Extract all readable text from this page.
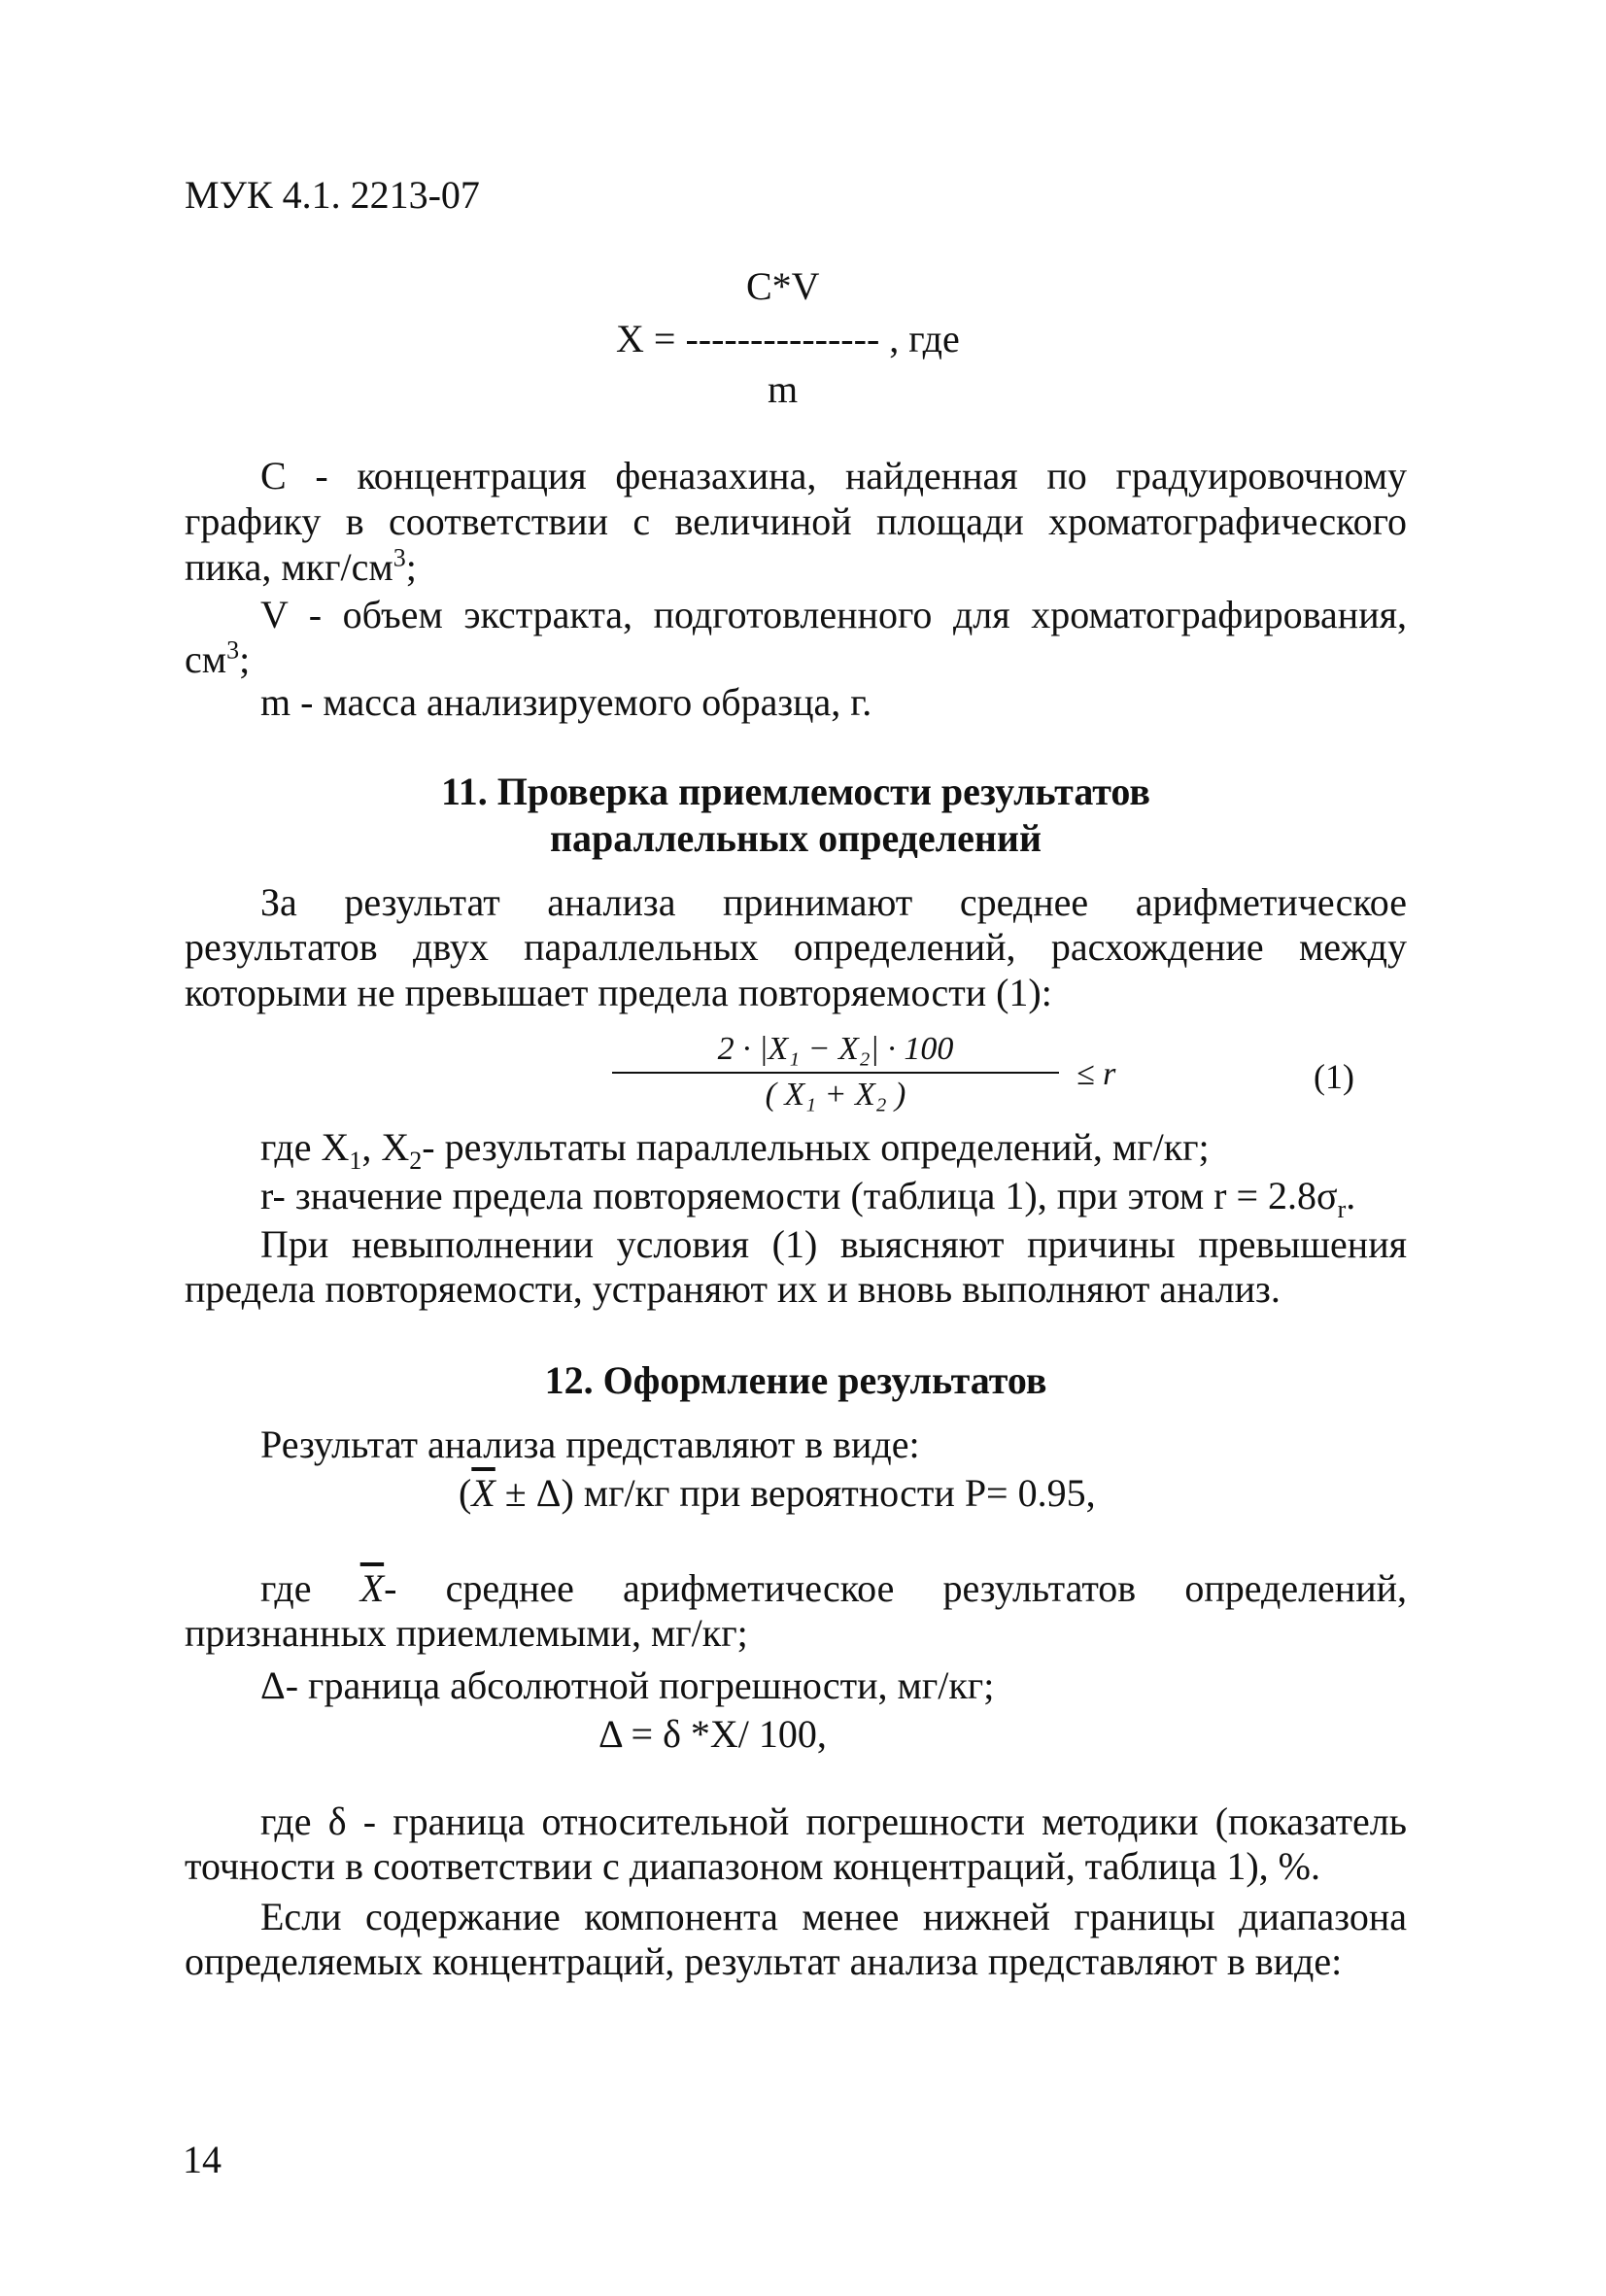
МУК 4.1. 2213-07
C*V
X = --------------- , где
m
С - концентрация феназахина, найденная по градуировочному графику в соответствии с величиной площади хроматографического пика, мкг/$см^3$;
V - объем экстракта, подготовленного для хроматографирования, $см^3$;
m - масса анализируемого образца, г.
11. Проверка приемлемости результатов
параллельных определений
За результат анализа принимают среднее арифметическое результатов двух параллельных определений, расхождение между которыми не превышает предела повторяемости (1):
2 · |X₁ − X₂| · 100
( X₁ + X₂ )
≤ r	(1)
где $X_1$, $X_2-$ результаты параллельных определений, мг/кг;
r- значение предела повторяемости (таблица 1), при этом $r = 2.8\sigma_r$.
При невыполнении условия (1) выясняют причины превышения предела повторяемости, устраняют их и вновь выполняют анализ.
12. Оформление результатов
Результат анализа представляют в виде:
$(\overline{X} \pm \Delta)$ мг/кг при вероятности P= 0.95,
где $\overline{X}-$ среднее арифметическое результатов определений, признанных приемлемыми, мг/кг;
Δ- граница абсолютной погрешности, мг/кг;
Δ = δ *X/ 100,
где δ - граница относительной погрешности методики (показатель точности в соответствии с диапазоном концентраций, таблица 1), %.
Если содержание компонента менее нижней границы диапазона определяемых концентраций, результат анализа представляют в виде:
14
